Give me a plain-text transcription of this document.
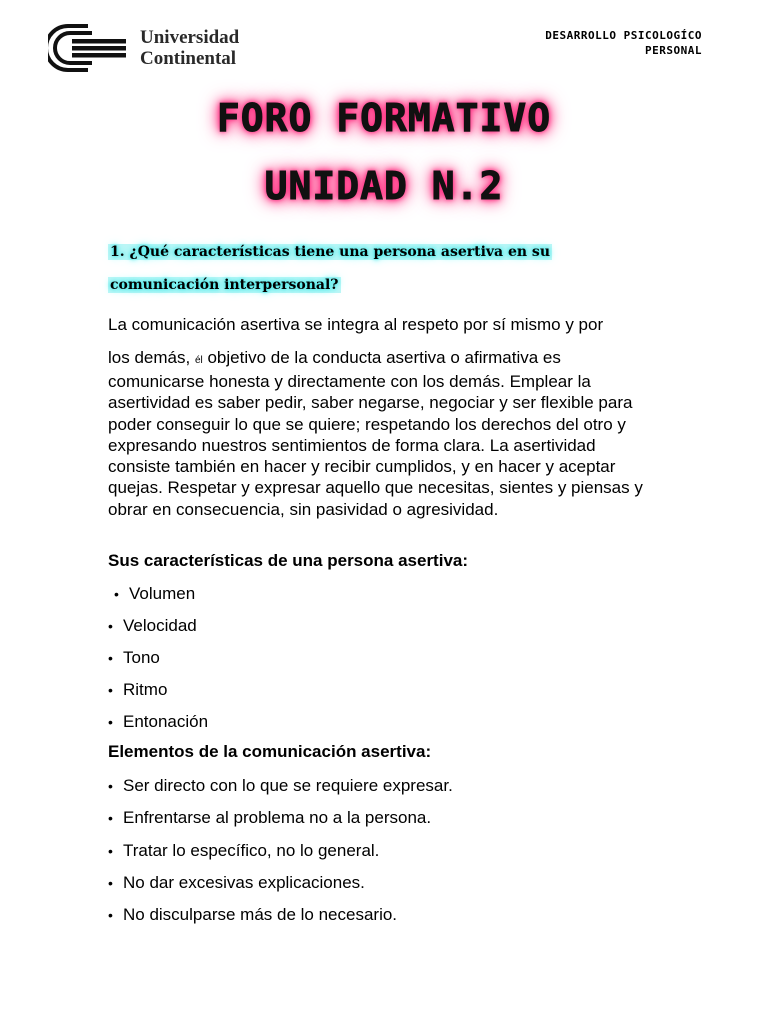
Universidad
Continental
DESARROLLO PSICOLOGÍCO
PERSONAL
FORO FORMATIVO
UNIDAD N.2
1. ¿Qué características tiene una persona asertiva en su
comunicación interpersonal?
La comunicación asertiva se integra al respeto por sí mismo y por
los demás, él objetivo de la conducta asertiva o afirmativa es
comunicarse honesta y directamente con los demás. Emplear la asertividad es saber pedir, saber negarse, negociar y ser flexible para poder conseguir lo que se quiere; respetando los derechos del otro y expresando nuestros sentimientos de forma clara. La asertividad consiste también en hacer y recibir cumplidos, y en hacer y aceptar quejas. Respetar y expresar aquello que necesitas, sientes y piensas y obrar en consecuencia, sin pasividad o agresividad.
Sus características de una persona asertiva:
• Volumen
• Velocidad
• Tono
• Ritmo
• Entonación
Elementos de la comunicación asertiva:
• Ser directo con lo que se requiere expresar.
• Enfrentarse al problema no a la persona.
• Tratar lo específico, no lo general.
• No dar excesivas explicaciones.
• No disculparse más de lo necesario.
